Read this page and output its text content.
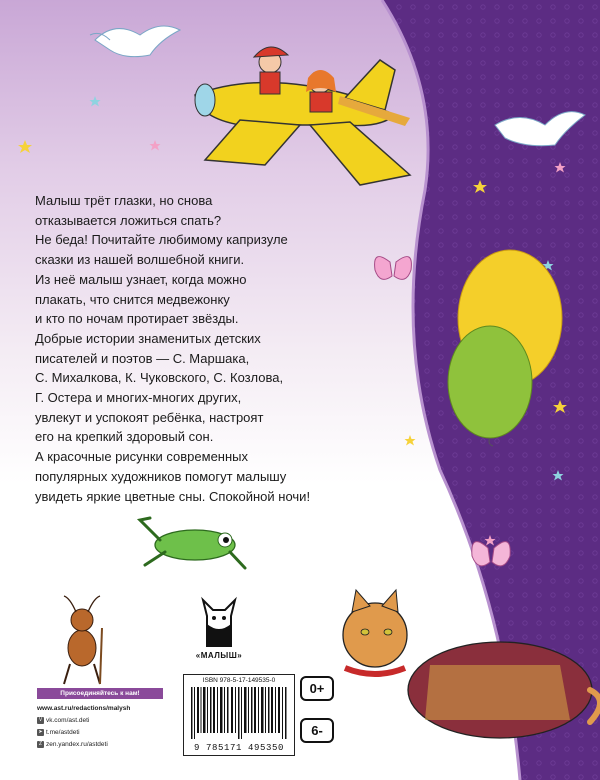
Малыш трёт глазки, но снова

отказывается ложиться спать?

Не беда! Почитайте любимому капризуле

сказки из нашей волшебной книги.

Из неё малыш узнает, когда можно

плакать, что снится медвежонку

и кто по ночам протирает звёзды.

Добрые истории знаменитых детских

писателей и поэтов — С. Маршака,

С. Михалкова, К. Чуковского, С. Козлова,

Г. Остера и многих-многих других,

увлекут и успокоят ребёнка, настроят

его на крепкий здоровый сон.

А красочные рисунки современных

популярных художников помогут малышу

увидеть яркие цветные сны. Спокойной ночи!

Присоединяйтесь к нам!
www.ast.ru/redactions/malysh
V vk.com/ast.deti
➤ t.me/astdeti
Z zen.yandex.ru/astdeti
«МАЛЫШ»
ISBN 978-5-17-149535-0
9 785171 495350
0+
6-
